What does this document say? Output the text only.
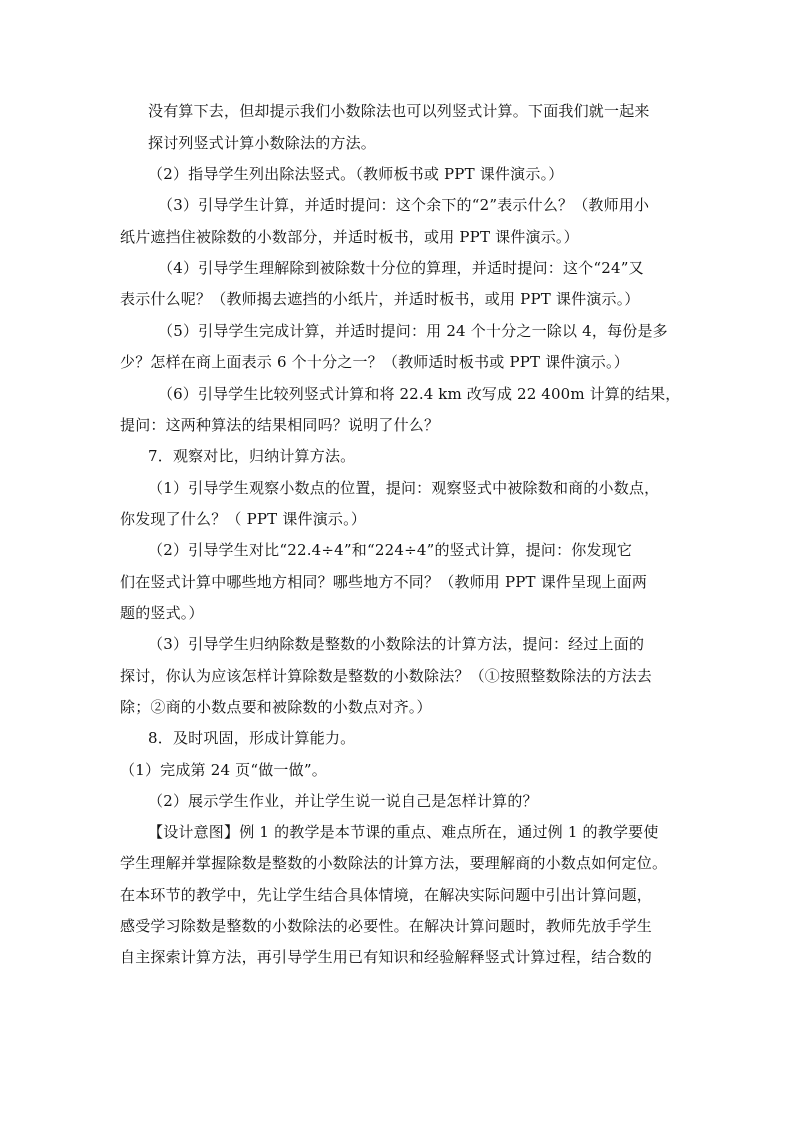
没有算下去，但却提示我们小数除法也可以列竖式计算。下面我们就一起来
探讨列竖式计算小数除法的方法。
（2）指导学生列出除法竖式。（教师板书或 PPT 课件演示。）
（3）引导学生计算，并适时提问：这个余下的“2”表示什么？（教师用小
纸片遮挡住被除数的小数部分，并适时板书，或用 PPT 课件演示。）
（4）引导学生理解除到被除数十分位的算理，并适时提问：这个“24”又
表示什么呢？（教师揭去遮挡的小纸片，并适时板书，或用 PPT 课件演示。）
（5）引导学生完成计算，并适时提问：用 24 个十分之一除以 4，每份是多
少？怎样在商上面表示 6 个十分之一？（教师适时板书或 PPT 课件演示。）
（6）引导学生比较列竖式计算和将 22.4 km 改写成 22 400m 计算的结果，
提问：这两种算法的结果相同吗？说明了什么？
7．观察对比，归纳计算方法。
（1）引导学生观察小数点的位置，提问：观察竖式中被除数和商的小数点，
你发现了什么？（ PPT 课件演示。）
（2）引导学生对比“22.4÷4”和“224÷4”的竖式计算，提问：你发现它
们在竖式计算中哪些地方相同？哪些地方不同？（教师用 PPT 课件呈现上面两
题的竖式。）
（3）引导学生归纳除数是整数的小数除法的计算方法，提问：经过上面的
探讨，你认为应该怎样计算除数是整数的小数除法？（①按照整数除法的方法去
除；②商的小数点要和被除数的小数点对齐。）
8．及时巩固，形成计算能力。
（1）完成第 24 页“做一做”。
（2）展示学生作业，并让学生说一说自己是怎样计算的？
【设计意图】例 1 的教学是本节课的重点、难点所在，通过例 1 的教学要使
学生理解并掌握除数是整数的小数除法的计算方法，要理解商的小数点如何定位。
在本环节的教学中，先让学生结合具体情境，在解决实际问题中引出计算问题，
感受学习除数是整数的小数除法的必要性。在解决计算问题时，教师先放手学生
自主探索计算方法，再引导学生用已有知识和经验解释竖式计算过程，结合数的
